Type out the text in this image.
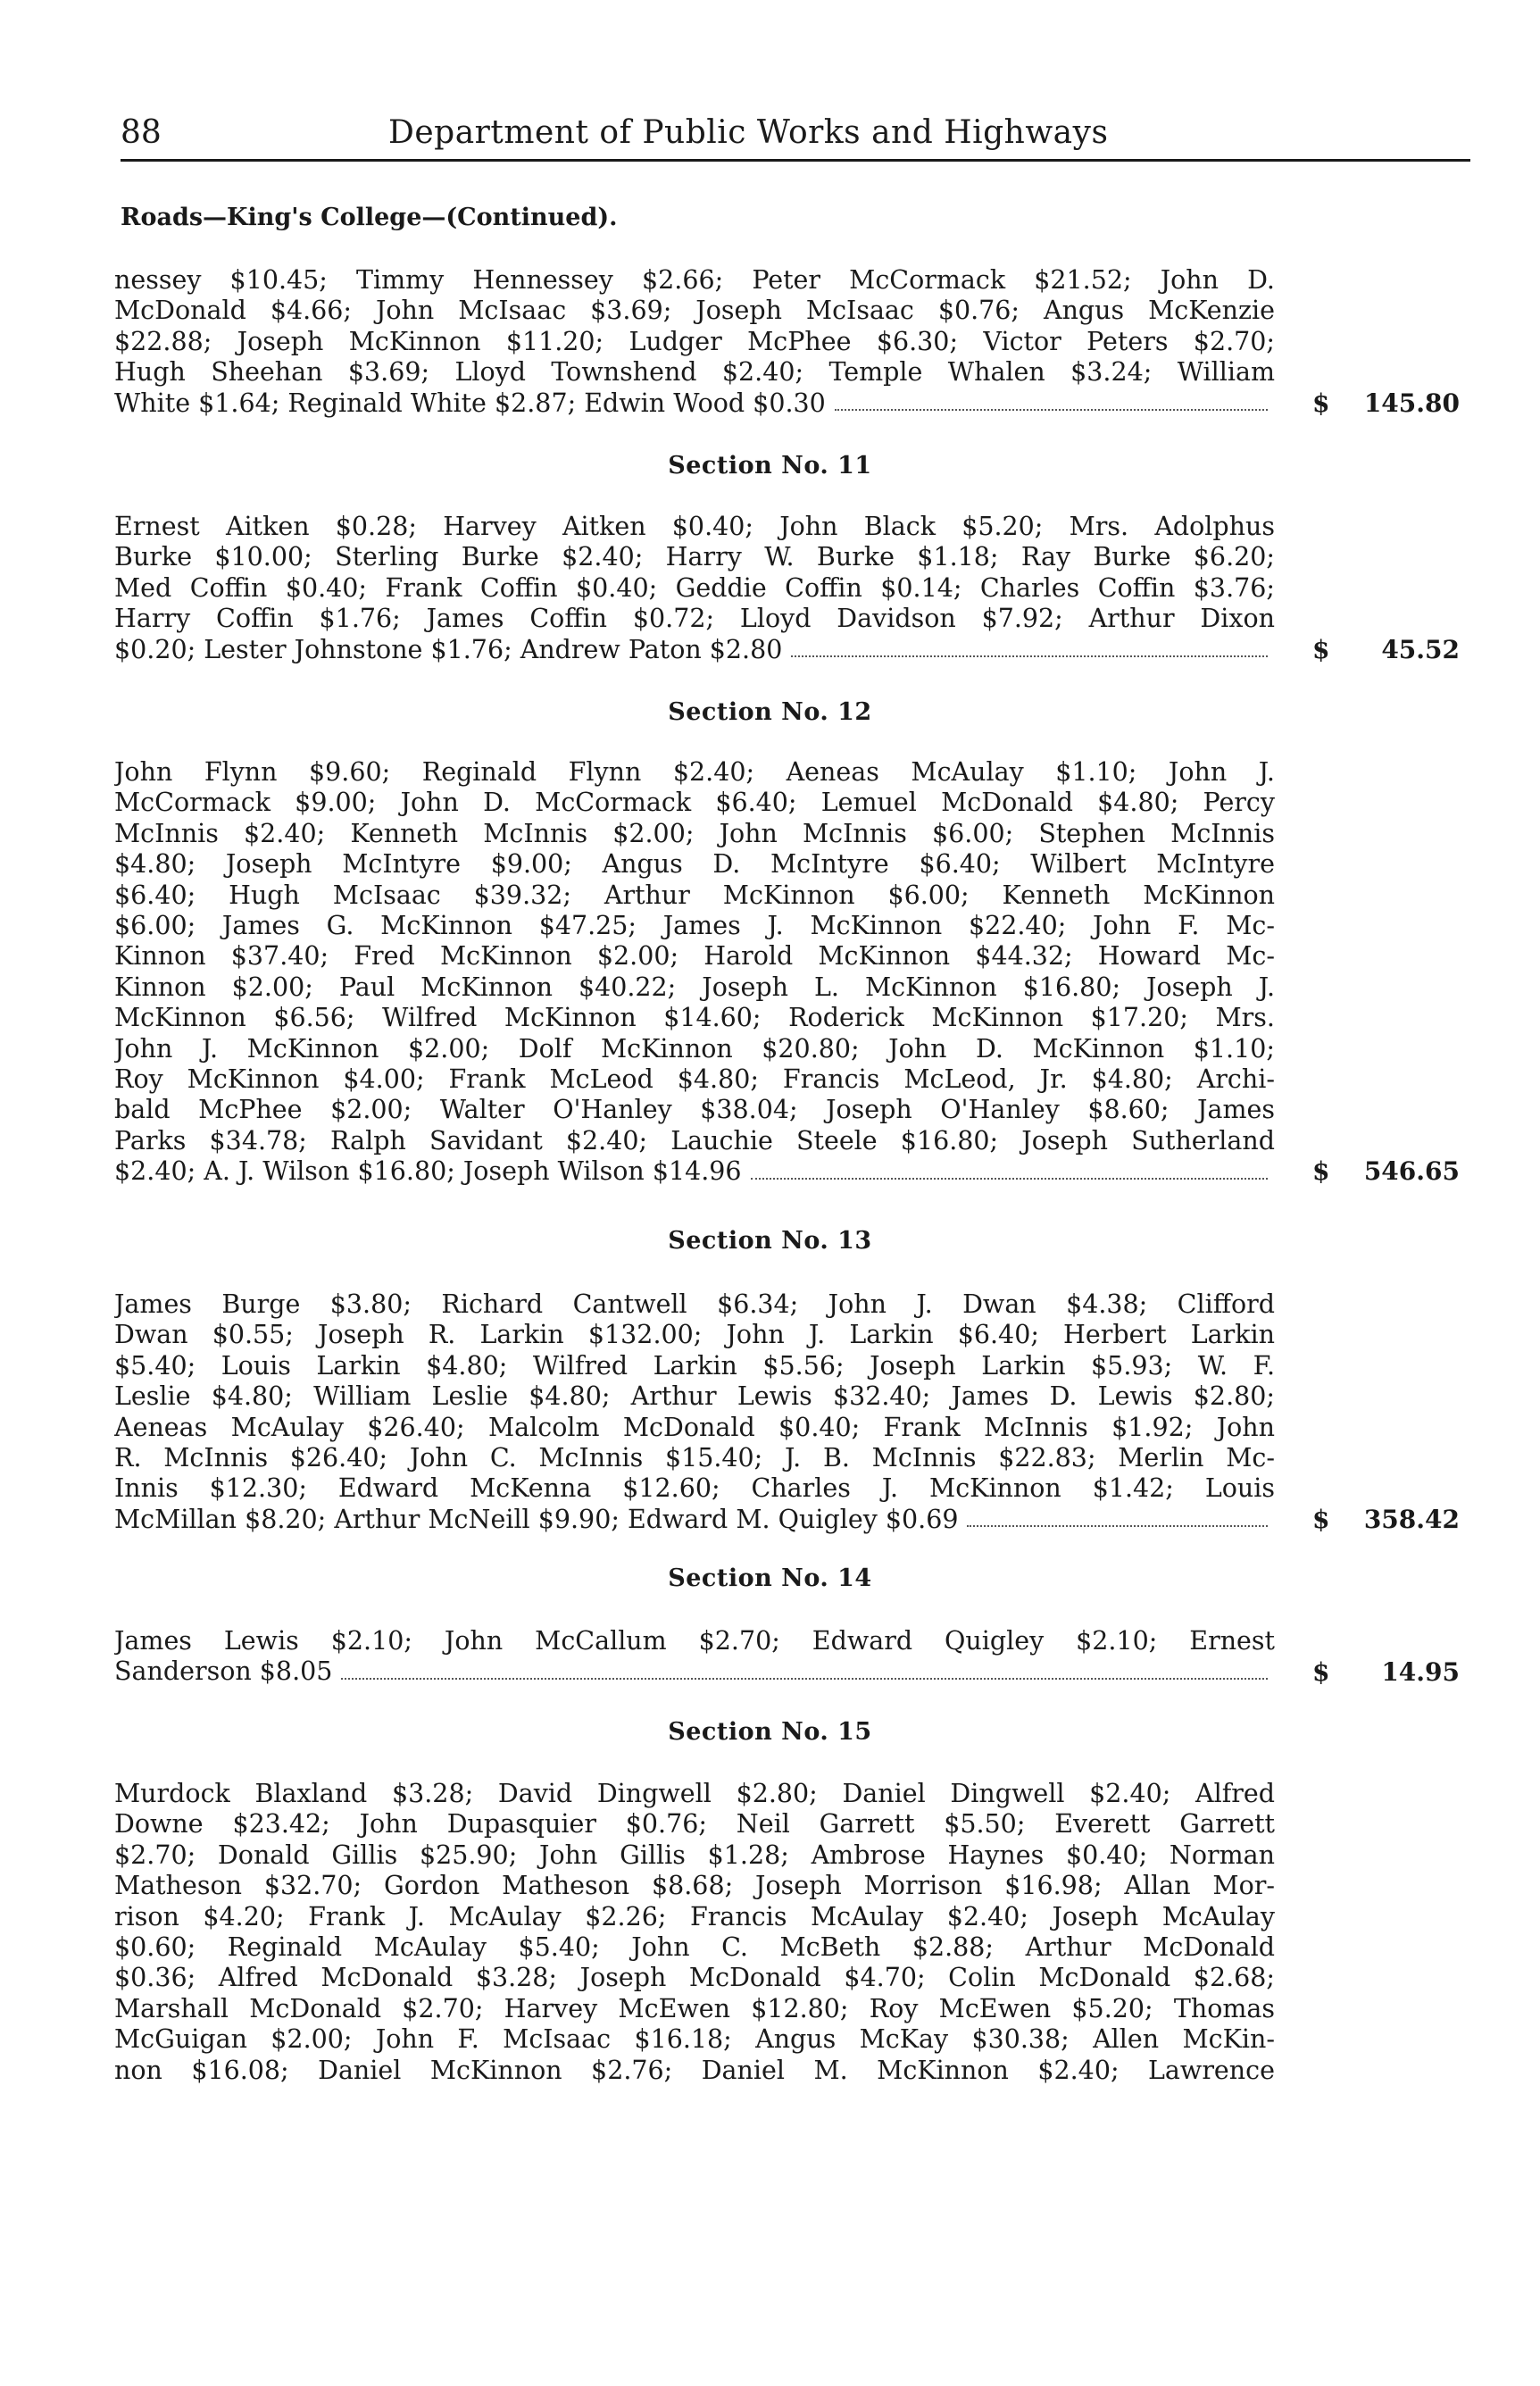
88	Department of Public Works and Highways
Roads—King's College—(Continued).
nessey $10.45; Timmy Hennessey $2.66; Peter McCormack $21.52; John D.
McDonald $4.66; John McIsaac $3.69; Joseph McIsaac $0.76; Angus McKenzie
$22.88; Joseph McKinnon $11.20; Ludger McPhee $6.30; Victor Peters $2.70;
Hugh Sheehan $3.69; Lloyd Townshend $2.40; Temple Whalen $3.24; William
White $1.64; Reginald White $2.87; Edwin Wood $0.30	$	145.80
Section No. 11
Ernest Aitken $0.28; Harvey Aitken $0.40; John Black $5.20; Mrs. Adolphus
Burke $10.00; Sterling Burke $2.40; Harry W. Burke $1.18; Ray Burke $6.20;
Med Coffin $0.40; Frank Coffin $0.40; Geddie Coffin $0.14; Charles Coffin $3.76;
Harry Coffin $1.76; James Coffin $0.72; Lloyd Davidson $7.92; Arthur Dixon
$0.20; Lester Johnstone $1.76; Andrew Paton $2.80	$	45.52
Section No. 12
John Flynn $9.60; Reginald Flynn $2.40; Aeneas McAulay $1.10; John J.
McCormack $9.00; John D. McCormack $6.40; Lemuel McDonald $4.80; Percy
McInnis $2.40; Kenneth McInnis $2.00; John McInnis $6.00; Stephen McInnis
$4.80; Joseph McIntyre $9.00; Angus D. McIntyre $6.40; Wilbert McIntyre
$6.40; Hugh McIsaac $39.32; Arthur McKinnon $6.00; Kenneth McKinnon
$6.00; James G. McKinnon $47.25; James J. McKinnon $22.40; John F. Mc-
Kinnon $37.40; Fred McKinnon $2.00; Harold McKinnon $44.32; Howard Mc-
Kinnon $2.00; Paul McKinnon $40.22; Joseph L. McKinnon $16.80; Joseph J.
McKinnon $6.56; Wilfred McKinnon $14.60; Roderick McKinnon $17.20; Mrs.
John J. McKinnon $2.00; Dolf McKinnon $20.80; John D. McKinnon $1.10;
Roy McKinnon $4.00; Frank McLeod $4.80; Francis McLeod, Jr. $4.80; Archi-
bald McPhee $2.00; Walter O'Hanley $38.04; Joseph O'Hanley $8.60; James
Parks $34.78; Ralph Savidant $2.40; Lauchie Steele $16.80; Joseph Sutherland
$2.40; A. J. Wilson $16.80; Joseph Wilson $14.96	$	546.65
Section No. 13
James Burge $3.80; Richard Cantwell $6.34; John J. Dwan $4.38; Clifford
Dwan $0.55; Joseph R. Larkin $132.00; John J. Larkin $6.40; Herbert Larkin
$5.40; Louis Larkin $4.80; Wilfred Larkin $5.56; Joseph Larkin $5.93; W. F.
Leslie $4.80; William Leslie $4.80; Arthur Lewis $32.40; James D. Lewis $2.80;
Aeneas McAulay $26.40; Malcolm McDonald $0.40; Frank McInnis $1.92; John
R. McInnis $26.40; John C. McInnis $15.40; J. B. McInnis $22.83; Merlin Mc-
Innis $12.30; Edward McKenna $12.60; Charles J. McKinnon $1.42; Louis
McMillan $8.20; Arthur McNeill $9.90; Edward M. Quigley $0.69	$	358.42
Section No. 14
James Lewis $2.10; John McCallum $2.70; Edward Quigley $2.10; Ernest
Sanderson $8.05	$	14.95
Section No. 15
Murdock Blaxland $3.28; David Dingwell $2.80; Daniel Dingwell $2.40; Alfred
Downe $23.42; John Dupasquier $0.76; Neil Garrett $5.50; Everett Garrett
$2.70; Donald Gillis $25.90; John Gillis $1.28; Ambrose Haynes $0.40; Norman
Matheson $32.70; Gordon Matheson $8.68; Joseph Morrison $16.98; Allan Mor-
rison $4.20; Frank J. McAulay $2.26; Francis McAulay $2.40; Joseph McAulay
$0.60; Reginald McAulay $5.40; John C. McBeth $2.88; Arthur McDonald
$0.36; Alfred McDonald $3.28; Joseph McDonald $4.70; Colin McDonald $2.68;
Marshall McDonald $2.70; Harvey McEwen $12.80; Roy McEwen $5.20; Thomas
McGuigan $2.00; John F. McIsaac $16.18; Angus McKay $30.38; Allen McKin-
non $16.08; Daniel McKinnon $2.76; Daniel M. McKinnon $2.40; Lawrence
